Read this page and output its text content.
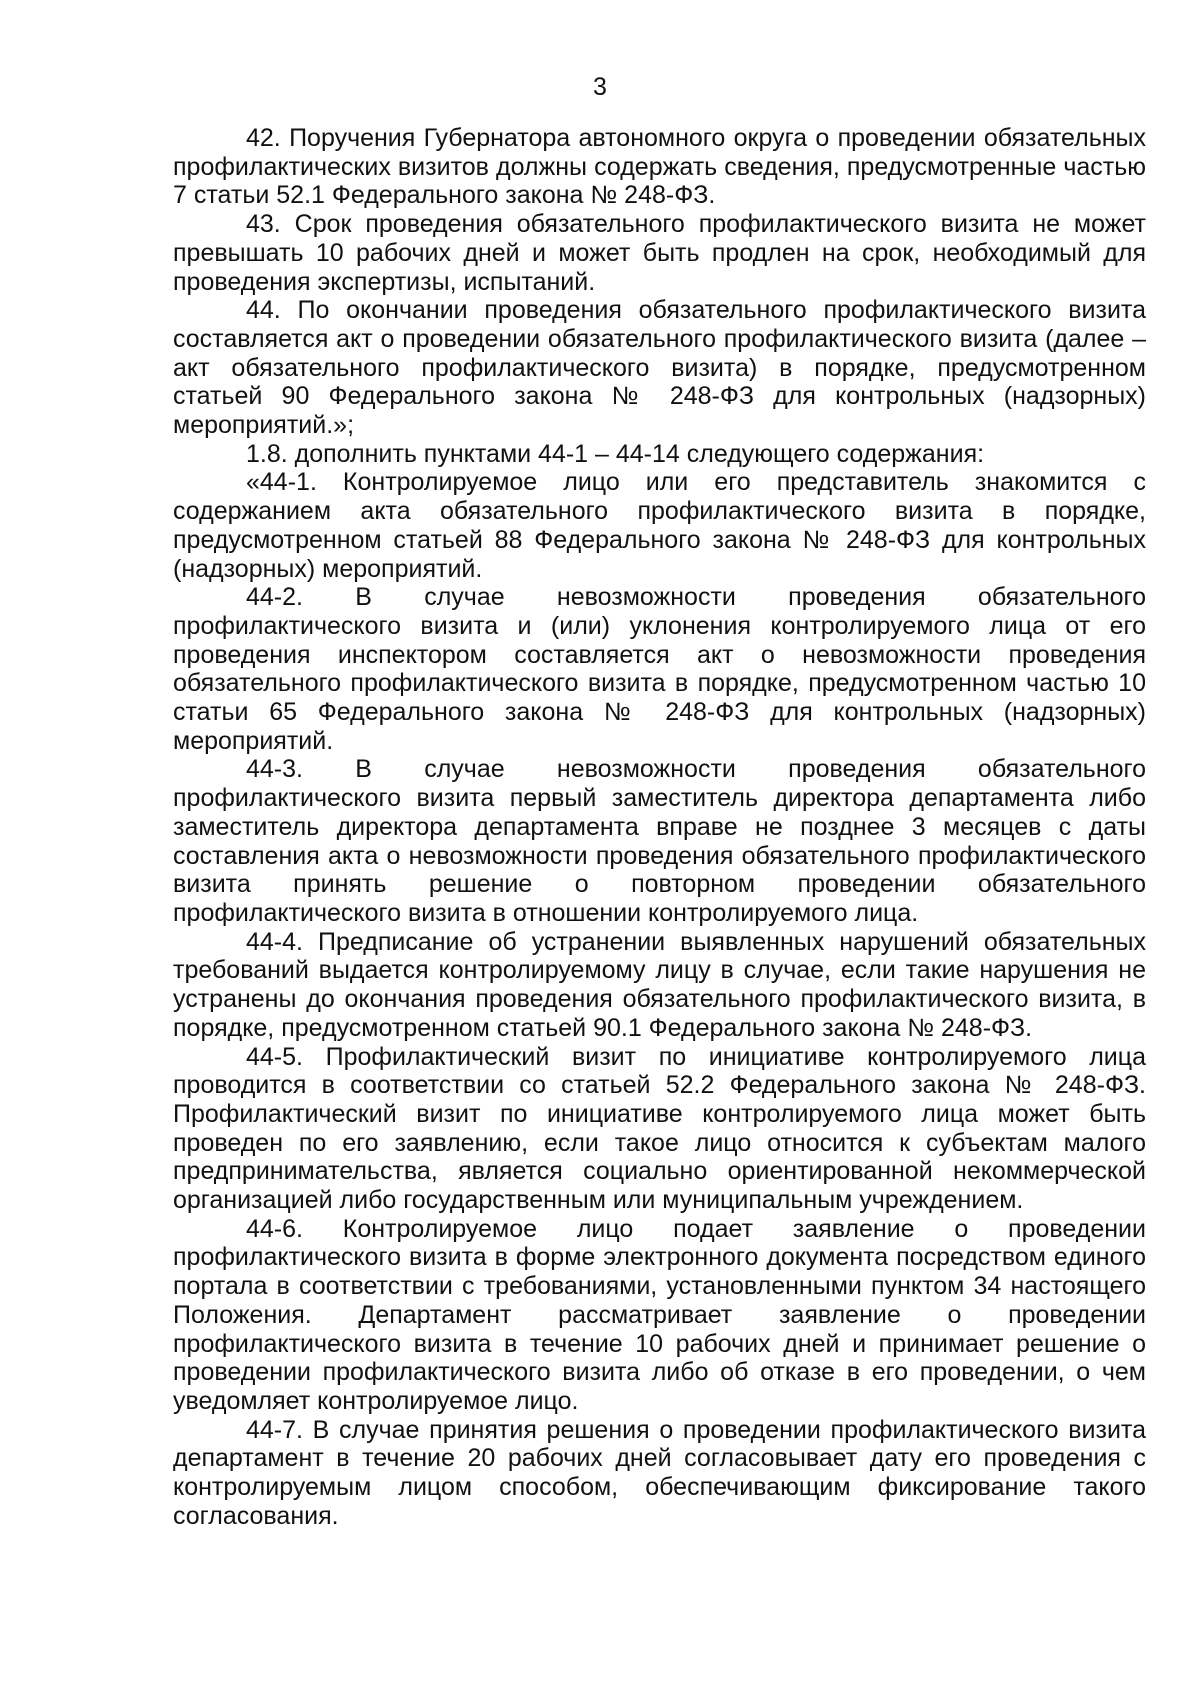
3

42. Поручения Губернатора автономного округа о проведении обязательных профилактических визитов должны содержать сведения, предусмотренные частью 7 статьи 52.1 Федерального закона № 248-ФЗ.

43. Срок проведения обязательного профилактического визита не может превышать 10 рабочих дней и может быть продлен на срок, необходимый для проведения экспертизы, испытаний.

44. По окончании проведения обязательного профилактического визита составляется акт о проведении обязательного профилактического визита (далее – акт обязательного профилактического визита) в порядке, предусмотренном статьей 90 Федерального закона № 248-ФЗ для контрольных (надзорных) мероприятий.»;

1.8. дополнить пунктами 44-1 – 44-14 следующего содержания:

«44-1. Контролируемое лицо или его представитель знакомится с содержанием акта обязательного профилактического визита в порядке, предусмотренном статьей 88 Федерального закона № 248-ФЗ для контрольных (надзорных) мероприятий.

44-2. В случае невозможности проведения обязательного профилактического визита и (или) уклонения контролируемого лица от его проведения инспектором составляется акт о невозможности проведения обязательного профилактического визита в порядке, предусмотренном частью 10 статьи 65 Федерального закона № 248-ФЗ для контрольных (надзорных) мероприятий.

44-3. В случае невозможности проведения обязательного профилактического визита первый заместитель директора департамента либо заместитель директора департамента вправе не позднее 3 месяцев с даты составления акта о невозможности проведения обязательного профилактического визита принять решение о повторном проведении обязательного профилактического визита в отношении контролируемого лица.

44-4. Предписание об устранении выявленных нарушений обязательных требований выдается контролируемому лицу в случае, если такие нарушения не устранены до окончания проведения обязательного профилактического визита, в порядке, предусмотренном статьей 90.1 Федерального закона № 248-ФЗ.

44-5. Профилактический визит по инициативе контролируемого лица проводится в соответствии со статьей 52.2 Федерального закона № 248-ФЗ. Профилактический визит по инициативе контролируемого лица может быть проведен по его заявлению, если такое лицо относится к субъектам малого предпринимательства, является социально ориентированной некоммерческой организацией либо государственным или муниципальным учреждением.

44-6. Контролируемое лицо подает заявление о проведении профилактического визита в форме электронного документа посредством единого портала в соответствии с требованиями, установленными пунктом 34 настоящего Положения. Департамент рассматривает заявление о проведении профилактического визита в течение 10 рабочих дней и принимает решение о проведении профилактического визита либо об отказе в его проведении, о чем уведомляет контролируемое лицо.

44-7. В случае принятия решения о проведении профилактического визита департамент в течение 20 рабочих дней согласовывает дату его проведения с контролируемым лицом способом, обеспечивающим фиксирование такого согласования.
